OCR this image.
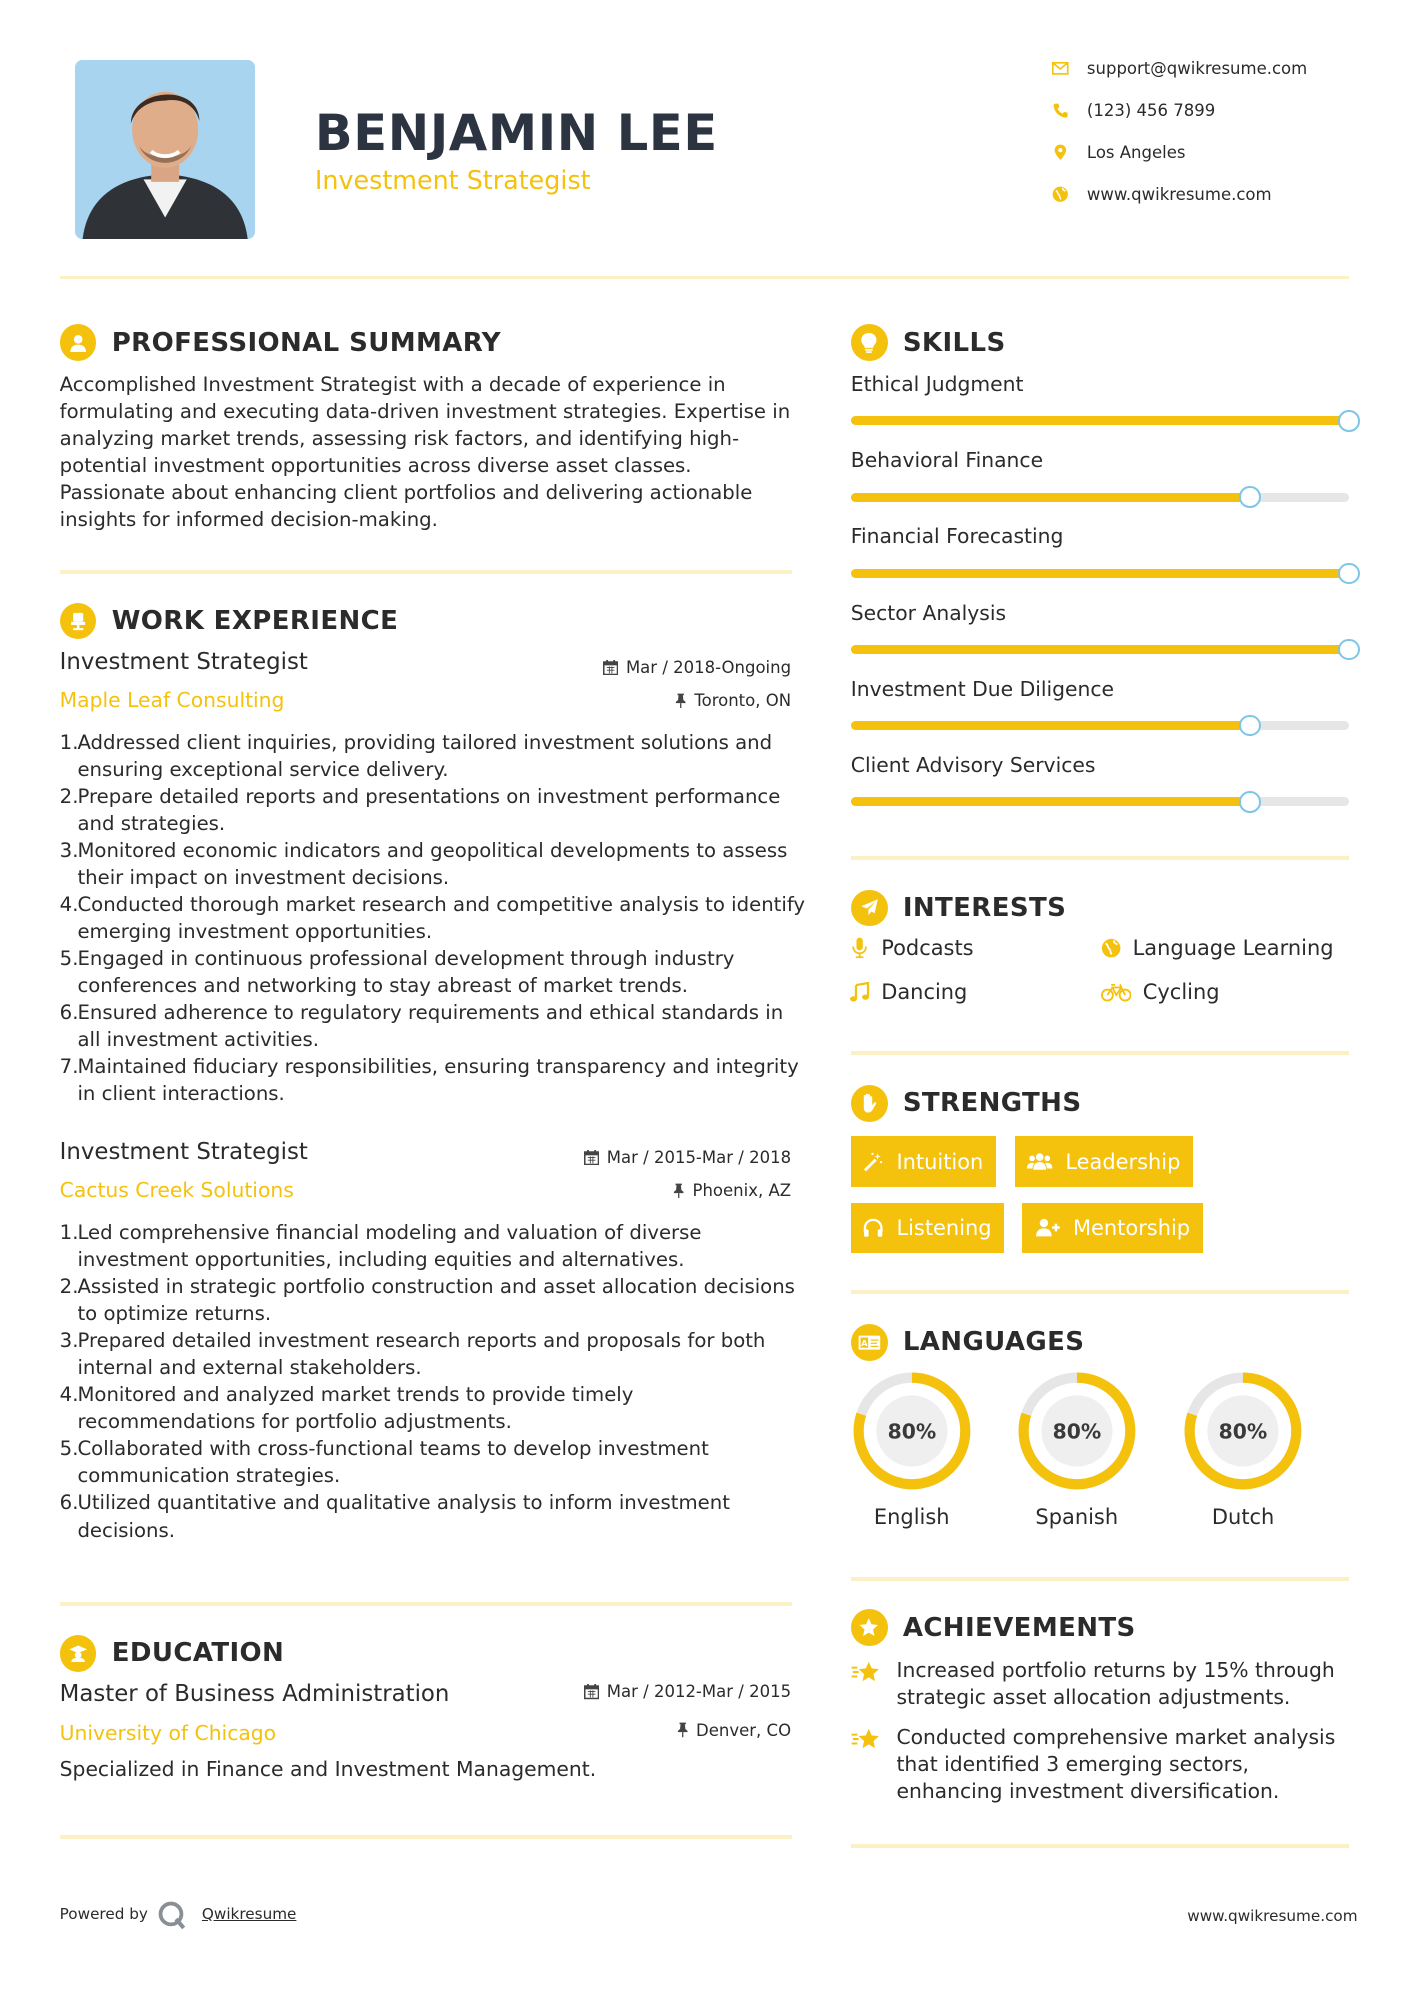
BENJAMIN LEE
Investment Strategist
support@qwikresume.com
(123) 456 7899
Los Angeles
www.qwikresume.com
PROFESSIONAL SUMMARY
Accomplished Investment Strategist with a decade of experience in formulating and executing data-driven investment strategies. Expertise in analyzing market trends, assessing risk factors, and identifying high-potential investment opportunities across diverse asset classes. Passionate about enhancing client portfolios and delivering actionable insights for informed decision-making.
WORK EXPERIENCE
Investment Strategist
Maple Leaf Consulting
Mar / 2018-Ongoing
Toronto, ON
1.
Addressed client inquiries, providing tailored investment solutions and ensuring exceptional service delivery.
2.
Prepare detailed reports and presentations on investment performance and strategies.
3.
Monitored economic indicators and geopolitical developments to assess their impact on investment decisions.
4.
Conducted thorough market research and competitive analysis to identify emerging investment opportunities.
5.
Engaged in continuous professional development through industry conferences and networking to stay abreast of market trends.
6.
Ensured adherence to regulatory requirements and ethical standards in all investment activities.
7.
Maintained fiduciary responsibilities, ensuring transparency and integrity in client interactions.
Investment Strategist
Cactus Creek Solutions
Mar / 2015-Mar / 2018
Phoenix, AZ
1.
Led comprehensive financial modeling and valuation of diverse investment opportunities, including equities and alternatives.
2.
Assisted in strategic portfolio construction and asset allocation decisions to optimize returns.
3.
Prepared detailed investment research reports and proposals for both internal and external stakeholders.
4.
Monitored and analyzed market trends to provide timely recommendations for portfolio adjustments.
5.
Collaborated with cross-functional teams to develop investment communication strategies.
6.
Utilized quantitative and qualitative analysis to inform investment decisions.
EDUCATION
Master of Business Administration
University of Chicago
Mar / 2012-Mar / 2015
Denver, CO
Specialized in Finance and Investment Management.
SKILLS
Ethical Judgment
Behavioral Finance
Financial Forecasting
Sector Analysis
Investment Due Diligence
Client Advisory Services
INTERESTS
Podcasts	Language Learning
Dancing	Cycling
STRENGTHS
Intuition	Leadership
Listening	Mentorship
A LANGUAGES
80%
English
80%
Spanish
80%
Dutch
ACHIEVEMENTS
Increased portfolio returns by 15% through strategic asset allocation adjustments.
Conducted comprehensive market analysis that identified 3 emerging sectors, enhancing investment diversification.
Powered by	Qwikresume	www.qwikresume.com
